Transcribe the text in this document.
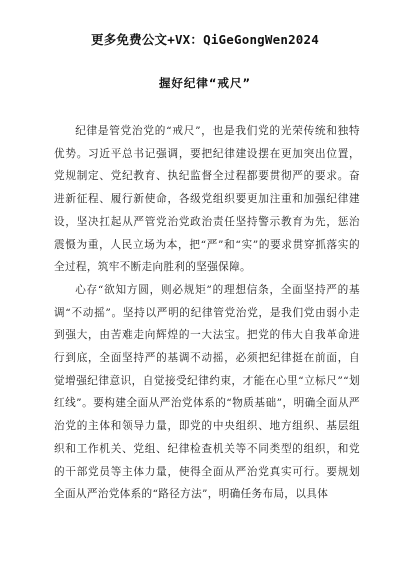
更多免费公文+VX：QiGeGongWen2024
握好纪律“戒尺”

纪律是管党治党的“戒尺”，也是我们党的光荣传统和独特优势。习近平总书记强调，要把纪律建设摆在更加突出位置，党规制定、党纪教育、执纪监督全过程都要贯彻严的要求。奋进新征程、履行新使命，各级党组织要更加注重和加强纪律建设，坚决扛起从严管党治党政治责任坚持警示教育为先，惩治震慑为重，人民立场为本，把“严”和“实”的要求贯穿抓落实的全过程，筑牢不断走向胜利的坚强保障。

心存“欲知方圆，则必规矩”的理想信条，全面坚持严的基调“不动摇”。坚持以严明的纪律管党治党，是我们党由弱小走到强大，由苦难走向辉煌的一大法宝。把党的伟大自我革命进行到底，全面坚持严的基调不动摇，必须把纪律挺在前面，自觉增强纪律意识，自觉接受纪律约束，才能在心里“立标尺”“划红线”。要构建全面从严治党体系的“物质基础”，明确全面从严治党的主体和领导力量，即党的中央组织、地方组织、基层组织和工作机关、党组、纪律检查机关等不同类型的组织，和党的干部党员等主体力量，使得全面从严治党真实可行。要规划全面从严治党体系的“路径方法”，明确任务布局，以具体
